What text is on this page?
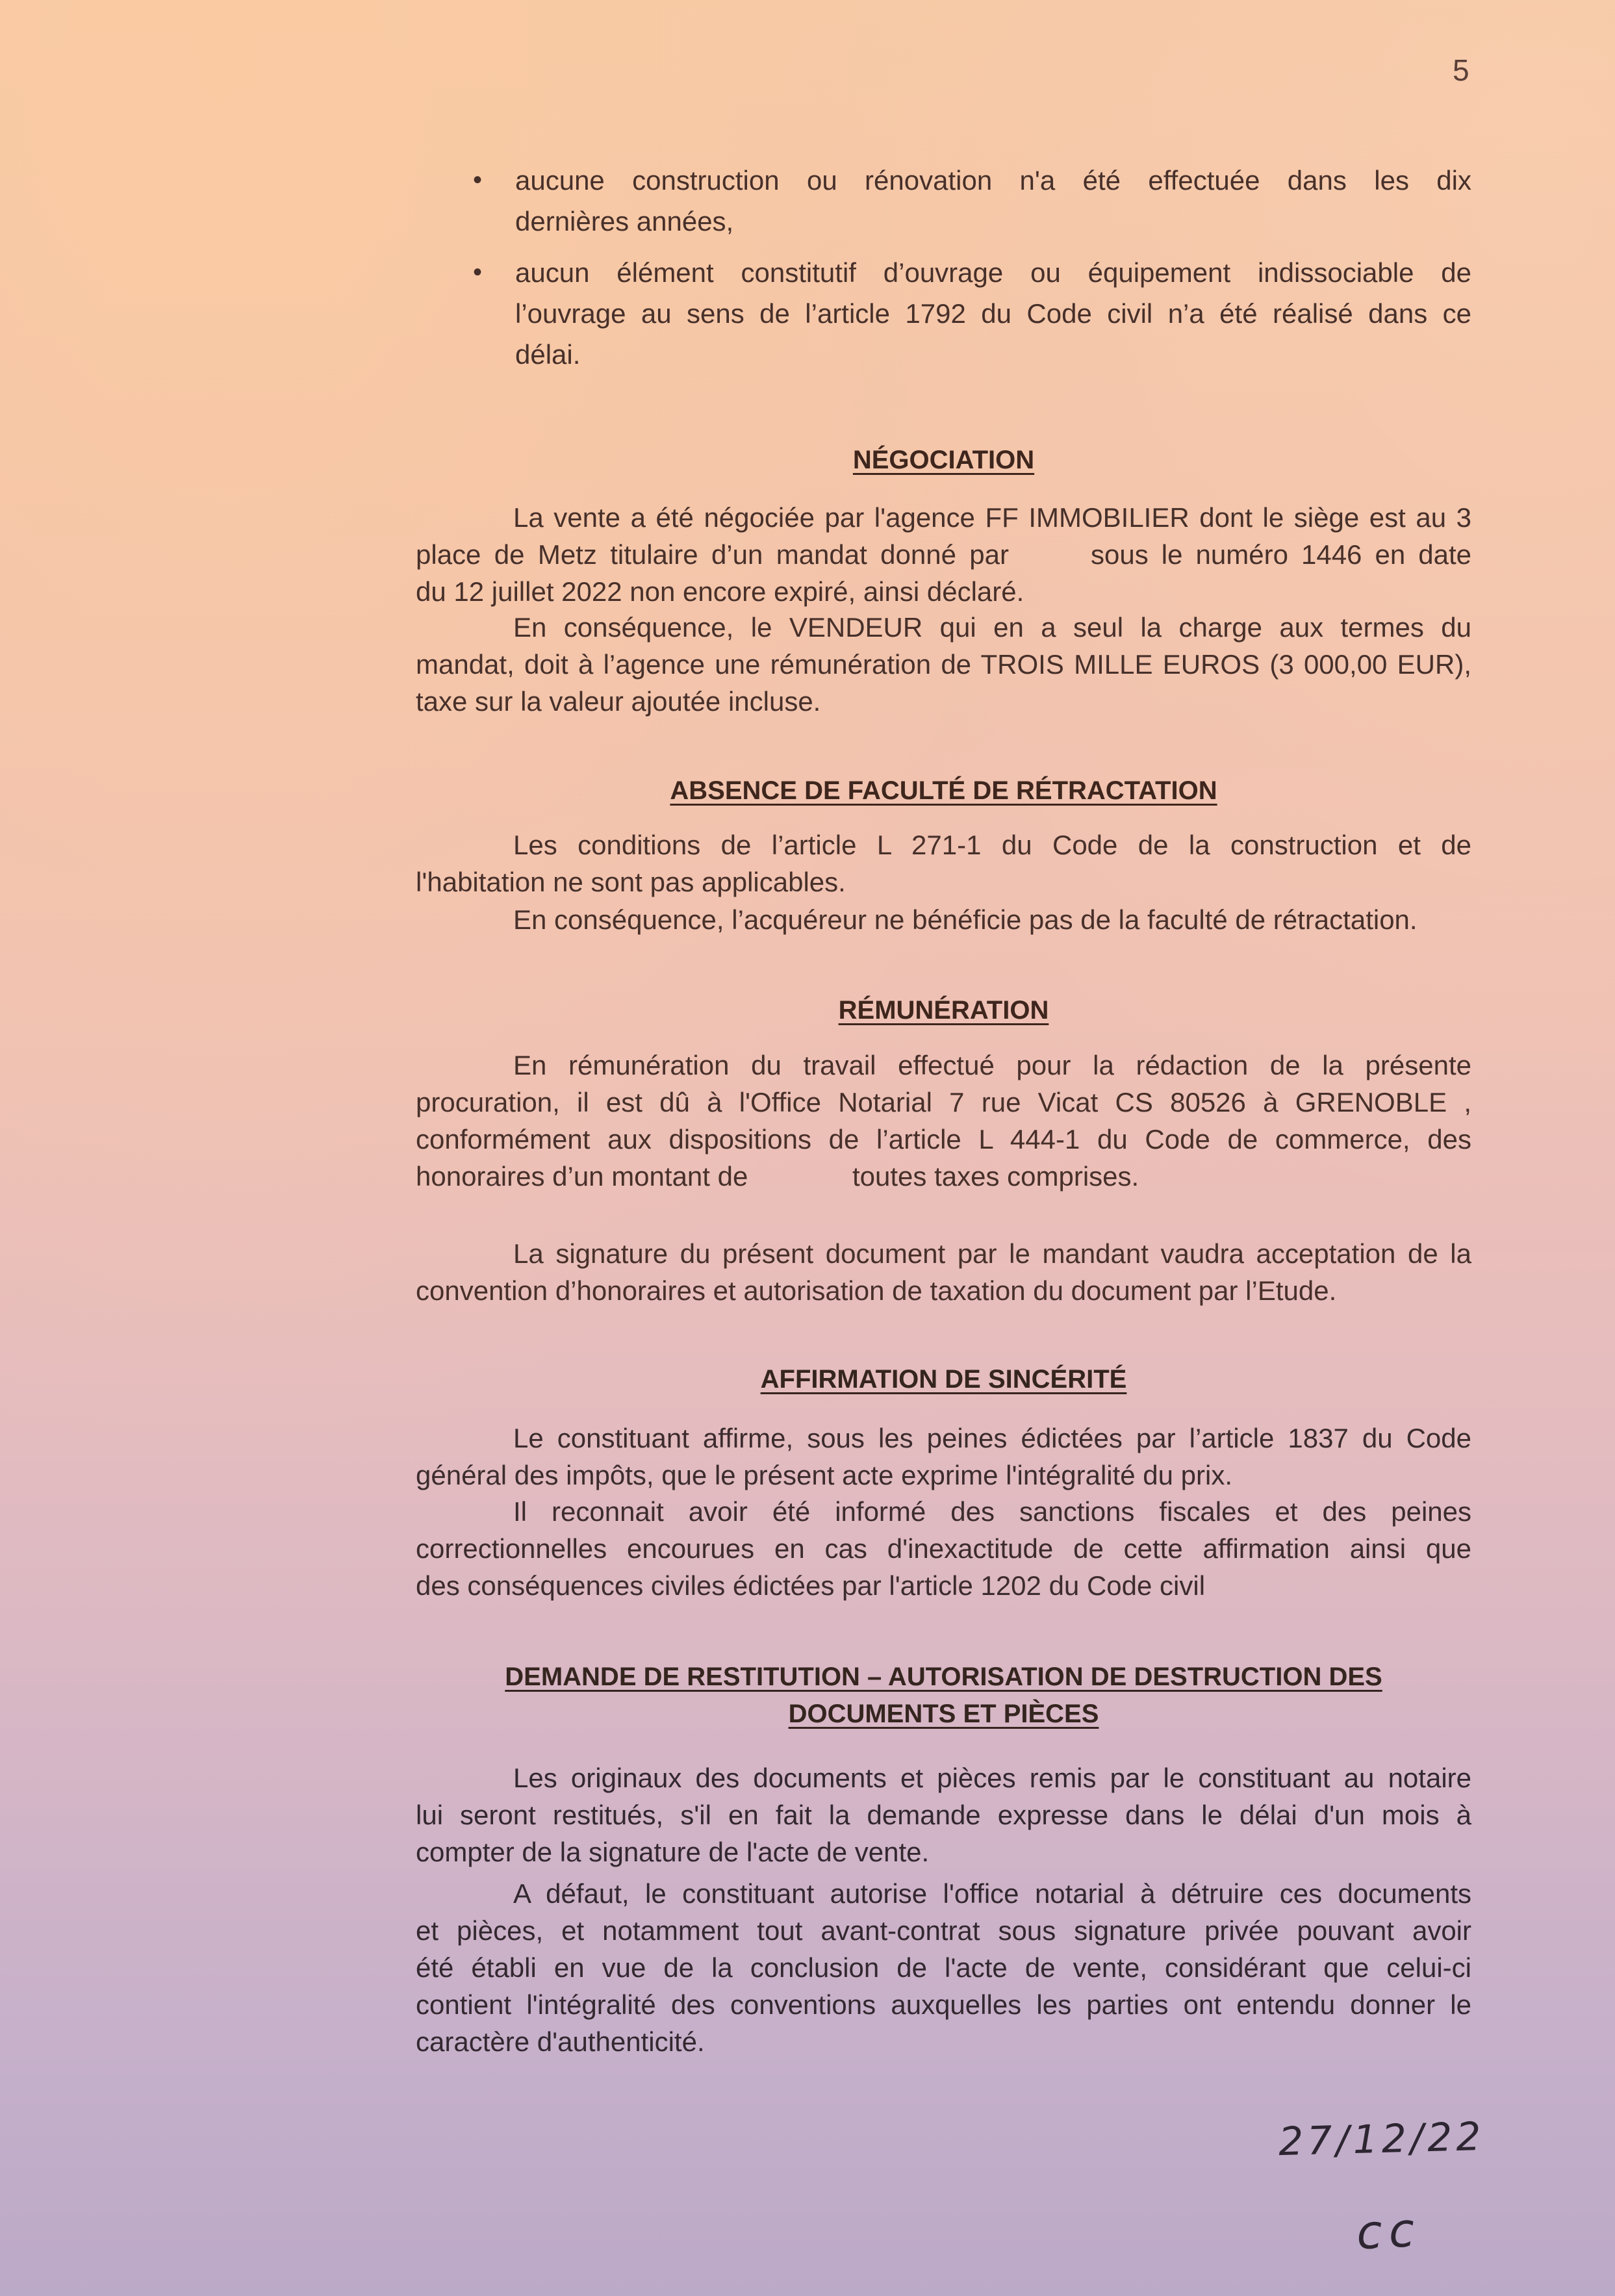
5
• aucune construction ou rénovation n'a été effectuée dans les dix
dernières années,
• aucun élément constitutif d’ouvrage ou équipement indissociable de
l’ouvrage au sens de l’article 1792 du Code civil n’a été réalisé dans ce
délai.
NÉGOCIATION
La vente a été négociée par l'agence FF IMMOBILIER dont le siège est au 3
place de Metz titulaire d’un mandat donné par	sous le numéro 1446 en date
du 12 juillet 2022 non encore expiré, ainsi déclaré.
En conséquence, le VENDEUR qui en a seul la charge aux termes du
mandat, doit à l’agence une rémunération de TROIS MILLE EUROS (3 000,00 EUR),
taxe sur la valeur ajoutée incluse.
ABSENCE DE FACULTÉ DE RÉTRACTATION
Les conditions de l’article L 271-1 du Code de la construction et de
l'habitation ne sont pas applicables.
En conséquence, l’acquéreur ne bénéficie pas de la faculté de rétractation.
RÉMUNÉRATION
En rémunération du travail effectué pour la rédaction de la présente
procuration, il est dû à l'Office Notarial 7 rue Vicat CS 80526 à GRENOBLE ,
conformément aux dispositions de l’article L 444-1 du Code de commerce, des
honoraires d’un montant de	toutes taxes comprises.
La signature du présent document par le mandant vaudra acceptation de la
convention d’honoraires et autorisation de taxation du document par l’Etude.
AFFIRMATION DE SINCÉRITÉ
Le constituant affirme, sous les peines édictées par l’article 1837 du Code
général des impôts, que le présent acte exprime l'intégralité du prix.
Il reconnait avoir été informé des sanctions fiscales et des peines
correctionnelles encourues en cas d'inexactitude de cette affirmation ainsi que
des conséquences civiles édictées par l'article 1202 du Code civil
DEMANDE DE RESTITUTION – AUTORISATION DE DESTRUCTION DES
DOCUMENTS ET PIÈCES
Les originaux des documents et pièces remis par le constituant au notaire
lui seront restitués, s'il en fait la demande expresse dans le délai d'un mois à
compter de la signature de l'acte de vente.
A défaut, le constituant autorise l'office notarial à détruire ces documents
et pièces, et notamment tout avant-contrat sous signature privée pouvant avoir
été établi en vue de la conclusion de l'acte de vente, considérant que celui-ci
contient l'intégralité des conventions auxquelles les parties ont entendu donner le
caractère d'authenticité.
27/12/22
cc
